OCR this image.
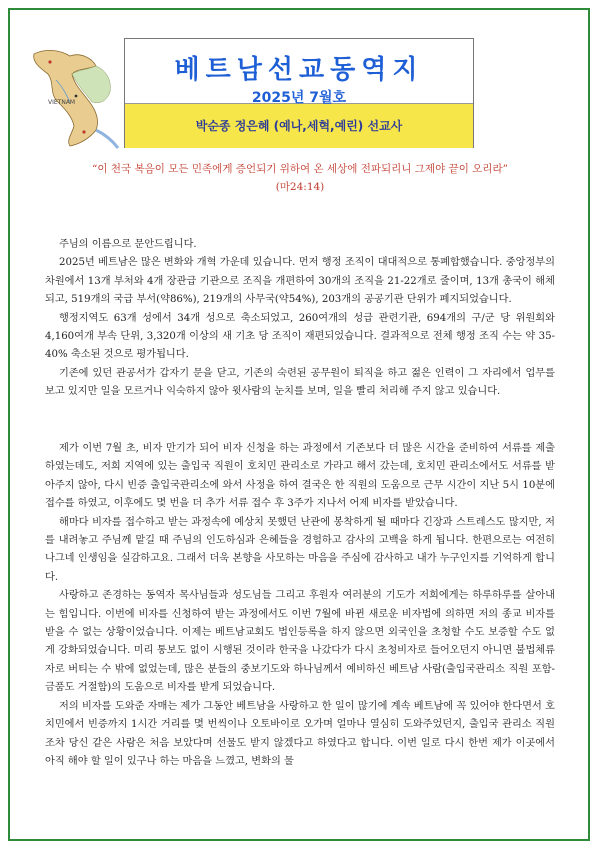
VIETNAM
베트남선교동역지
2025년 7월호
박순종 정은혜 (예나,세혁,예린) 선교사
“이 천국 복음이 모든 민족에게 증언되기 위하여 온 세상에 전파되리니 그제야 끝이 오리라”
(마24:14)

주님의 이름으로 문안드립니다.

2025년 베트남은 많은 변화와 개혁 가운데 있습니다. 먼저 행정 조직이 대대적으로 통폐합했습니다. 중앙정부의 차원에서 13개 부처와 4개 장관급 기관으로 조직을 개편하여 30개의 조직을 21-22개로 줄이며, 13개 총국이 해체되고, 519개의 국급 부서(약86%), 219개의 사무국(약54%), 203개의 공공기관 단위가 폐지되었습니다.

행정지역도 63개 성에서 34개 성으로 축소되었고, 260여개의 성급 관련기관, 694개의 구/군 당 위원회와 4,160여개 부속 단위, 3,320개 이상의 새 기초 당 조직이 재편되었습니다. 결과적으로 전체 행정 조직 수는 약 35-40% 축소된 것으로 평가됩니다.

기존에 있던 관공서가 갑자기 문을 닫고, 기존의 숙련된 공무원이 퇴직을 하고 젊은 인력이 그 자리에서 업무를 보고 있지만 일을 모르거나 익숙하지 않아 윗사람의 눈치를 보며, 일을 빨리 처리해 주지 않고 있습니다.

제가 이번 7월 초, 비자 만기가 되어 비자 신청을 하는 과정에서 기존보다 더 많은 시간을 준비하여 서류를 제출하였는데도, 저희 지역에 있는 출입국 직원이 호치민 관리소로 가라고 해서 갔는데, 호치민 관리소에서도 서류를 받아주지 않아, 다시 빈증 출입국관리소에 와서 사정을 하여 결국은 한 직원의 도움으로 근무 시간이 지난 5시 10분에 접수를 하였고, 이후에도 몇 번을 더 추가 서류 접수 후 3주가 지나서 어제 비자를 받았습니다.

해마다 비자를 접수하고 받는 과정속에 예상치 못했던 난관에 봉착하게 될 때마다 긴장과 스트레스도 많지만, 저를 내려놓고 주님께 맡길 때 주님의 인도하심과 은혜들을 경험하고 감사의 고백을 하게 됩니다. 한편으로는 여전히 나그네 인생임을 실감하고요. 그래서 더욱 본향을 사모하는 마음을 주심에 감사하고 내가 누구인지를 기억하게 합니다.

사랑하고 존경하는 동역자 목사님들과 성도님들 그리고 후원자 여러분의 기도가 저희에게는 하루하루를 살아내는 힘입니다. 이번에 비자를 신청하여 받는 과정에서도 이번 7월에 바뀐 새로운 비자법에 의하면 저의 종교 비자를 받을 수 없는 상황이었습니다. 이제는 베트남교회도 법인등록을 하지 않으면 외국인을 초청할 수도 보증할 수도 없게 강화되었습니다. 미리 통보도 없이 시행된 것이라 한국을 나갔다가 다시 초청비자로 들어오던지 아니면 불법체류자로 버티는 수 밖에 없었는데, 많은 분들의 중보기도와 하나님께서 예비하신 베트남 사람(출입국관리소 직원 포함-금품도 거절함)의 도움으로 비자를 받게 되었습니다.

저의 비자를 도와준 자매는 제가 그동안 베트남을 사랑하고 한 일이 많기에 계속 베트남에 꼭 있어야 한다면서 호치민에서 빈증까지 1시간 거리를 몇 번씩이나 오토바이로 오가며 얼마나 열심히 도와주었던지, 출입국 관리소 직원조차 당신 같은 사람은 처음 보았다며 선물도 받지 않겠다고 하였다고 합니다. 이번 일로 다시 한번 제가 이곳에서 아직 해야 할 일이 있구나 하는 마음을 느꼈고, 변화의 물
